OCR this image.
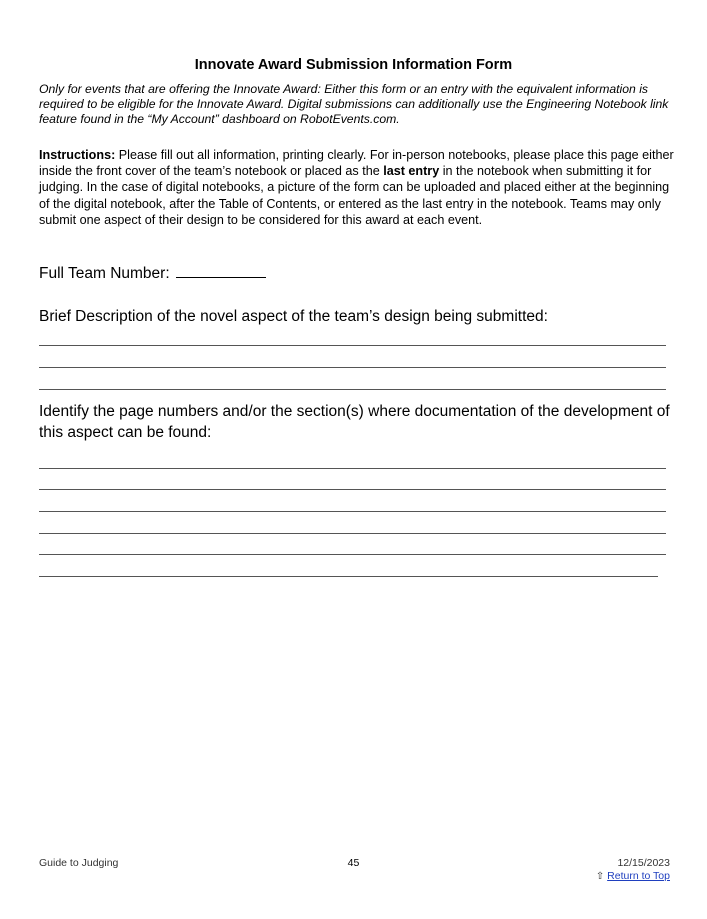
Innovate Award Submission Information Form
Only for events that are offering the Innovate Award: Either this form or an entry with the equivalent information is required to be eligible for the Innovate Award. Digital submissions can additionally use the Engineering Notebook link feature found in the “My Account” dashboard on RobotEvents.com.
Instructions: Please fill out all information, printing clearly. For in-person notebooks, please place this page either inside the front cover of the team’s notebook or placed as the last entry in the notebook when submitting it for judging. In the case of digital notebooks, a picture of the form can be uploaded and placed either at the beginning of the digital notebook, after the Table of Contents, or entered as the last entry in the notebook. Teams may only submit one aspect of their design to be considered for this award at each event.
Full Team Number:
Brief Description of the novel aspect of the team’s design being submitted:
Identify the page numbers and/or the section(s) where documentation of the development of this aspect can be found:
Guide to Judging	45	12/15/2023
⇧ Return to Top
